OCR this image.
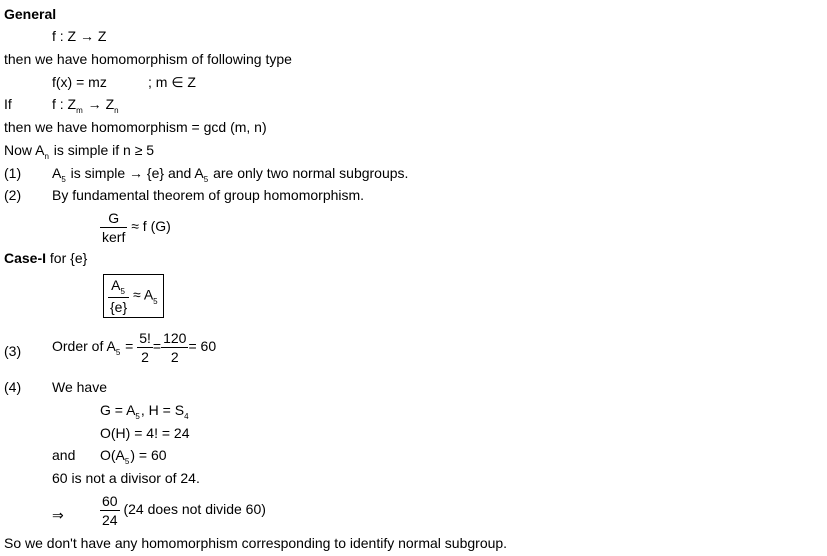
General
f : Z → Z
then we have homomorphism of following type
f(x) = mz	; m ∈ Z
If	f : $Z_m \to Z_n$
then we have homomorphism = gcd (m, n)
Now $A_n$ is simple if n ≥ 5
(1) $A_5$ is simple → {e} and $A_5$ are only two normal subgroups.
(2) By fundamental theorem of group homomorphism.
$\frac{G}{\text{kerf}} \approx f$ (G)
Case-I for {e}
$\frac{A_5}{\{e\}} \approx A_5$
(3) Order of $A_5 = \frac{5!}{2} = \frac{120}{2} = 60$
(4) We have
$G = A_5$, $H = S_4$
O(H) = 4! = 24
and $O(A_5) = 60$
60 is not a divisor of 24.
⇒	$\frac{60}{24} (24$ does not divide 60)
So we don't have any homomorphism corresponding to identify normal subgroup.
